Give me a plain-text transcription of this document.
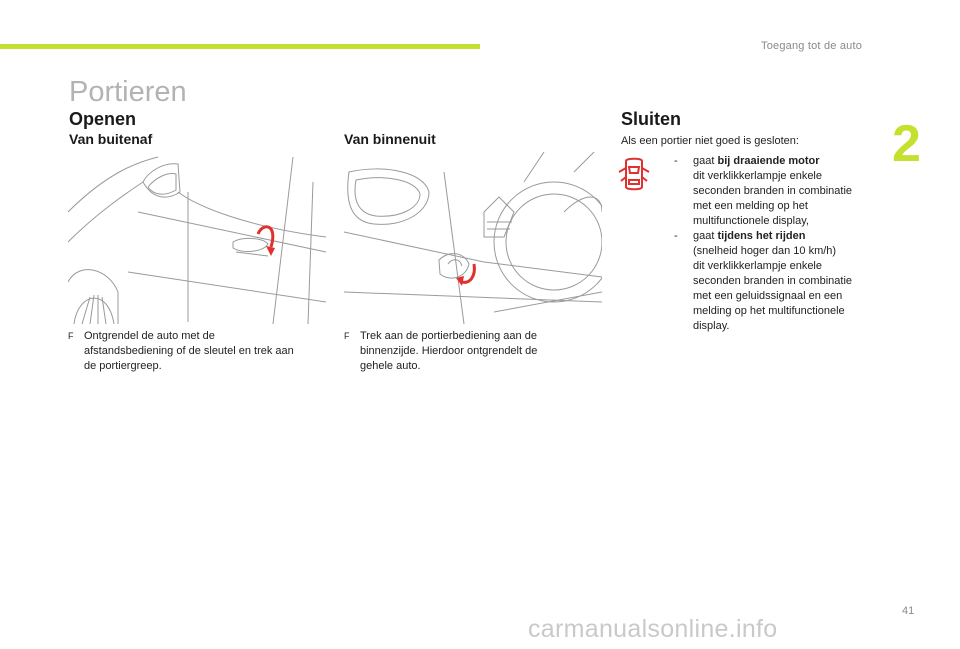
Toegang tot de auto
2
Portieren
Openen
Van buitenaf	Van binnenuit
Sluiten
F Ontgrendel de auto met de
afstandsbediening of de sleutel en trek aan
de portiergreep.
F Trek aan de portierbediening aan de
binnenzijde. Hierdoor ontgrendelt de
gehele auto.
Als een portier niet goed is gesloten:
- gaat bij draaiende motor
dit verklikkerlampje enkele
seconden branden in combinatie
met een melding op het
multifunctionele display,
- gaat tijdens het rijden
(snelheid hoger dan 10 km/h)
dit verklikkerlampje enkele
seconden branden in combinatie
met een geluidssignaal en een
melding op het multifunctionele
display.
41
carmanualsonline.info
